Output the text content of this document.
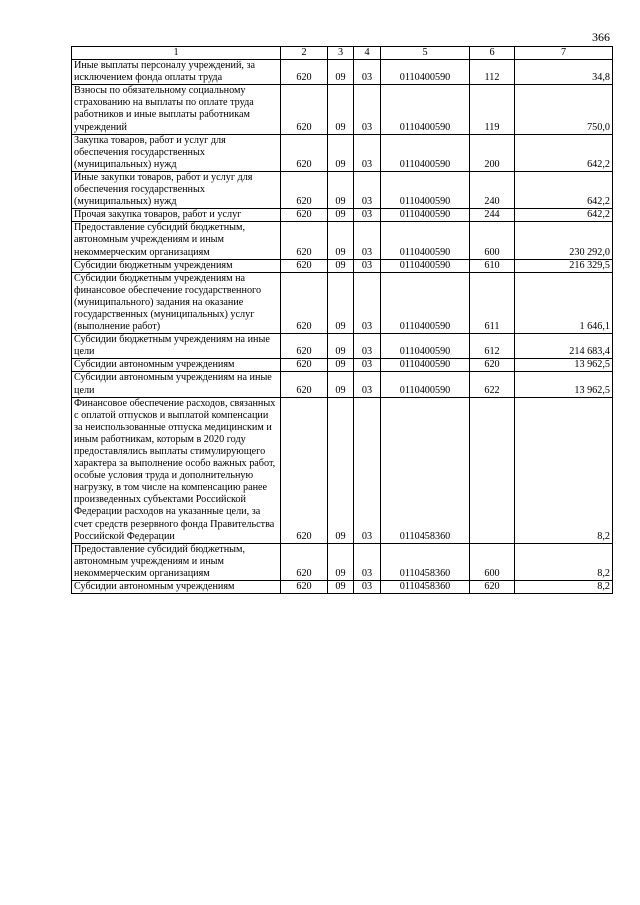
366
1	2	3	4	5	6	7
Иные выплаты персоналу учреждений, за исключением фонда оплаты труда	620	09	03	0110400590	112	34,8
Взносы по обязательному социальному страхованию на выплаты по оплате труда работников и иные выплаты работникам учреждений	620	09	03	0110400590	119	750,0
Закупка товаров, работ и услуг для обеспечения государственных (муниципальных) нужд	620	09	03	0110400590	200	642,2
Иные закупки товаров, работ и услуг для обеспечения государственных (муниципальных) нужд	620	09	03	0110400590	240	642,2
Прочая закупка товаров, работ и услуг	620	09	03	0110400590	244	642,2
Предоставление субсидий бюджетным, автономным учреждениям и иным некоммерческим организациям	620	09	03	0110400590	600	230 292,0
Субсидии бюджетным учреждениям	620	09	03	0110400590	610	216 329,5
Субсидии бюджетным учреждениям на финансовое обеспечение государственного (муниципального) задания на оказание государственных (муниципальных) услуг (выполнение работ)	620	09	03	0110400590	611	1 646,1
Субсидии бюджетным учреждениям на иные цели	620	09	03	0110400590	612	214 683,4
Субсидии автономным учреждениям	620	09	03	0110400590	620	13 962,5
Субсидии автономным учреждениям на иные цели	620	09	03	0110400590	622	13 962,5
Финансовое обеспечение расходов, связанных с оплатой отпусков и выплатой компенсации за неиспользованные отпуска медицинским и иным работникам, которым в 2020 году предоставлялись выплаты стимулирующего характера за выполнение особо важных работ, особые условия труда и дополнительную нагрузку, в том числе на компенсацию ранее произведенных субъектами Российской Федерации расходов на указанные цели, за счет средств резервного фонда Правительства Российской Федерации	620	09	03	0110458360		8,2
Предоставление субсидий бюджетным, автономным учреждениям и иным некоммерческим организациям	620	09	03	0110458360	600	8,2
Субсидии автономным учреждениям	620	09	03	0110458360	620	8,2
